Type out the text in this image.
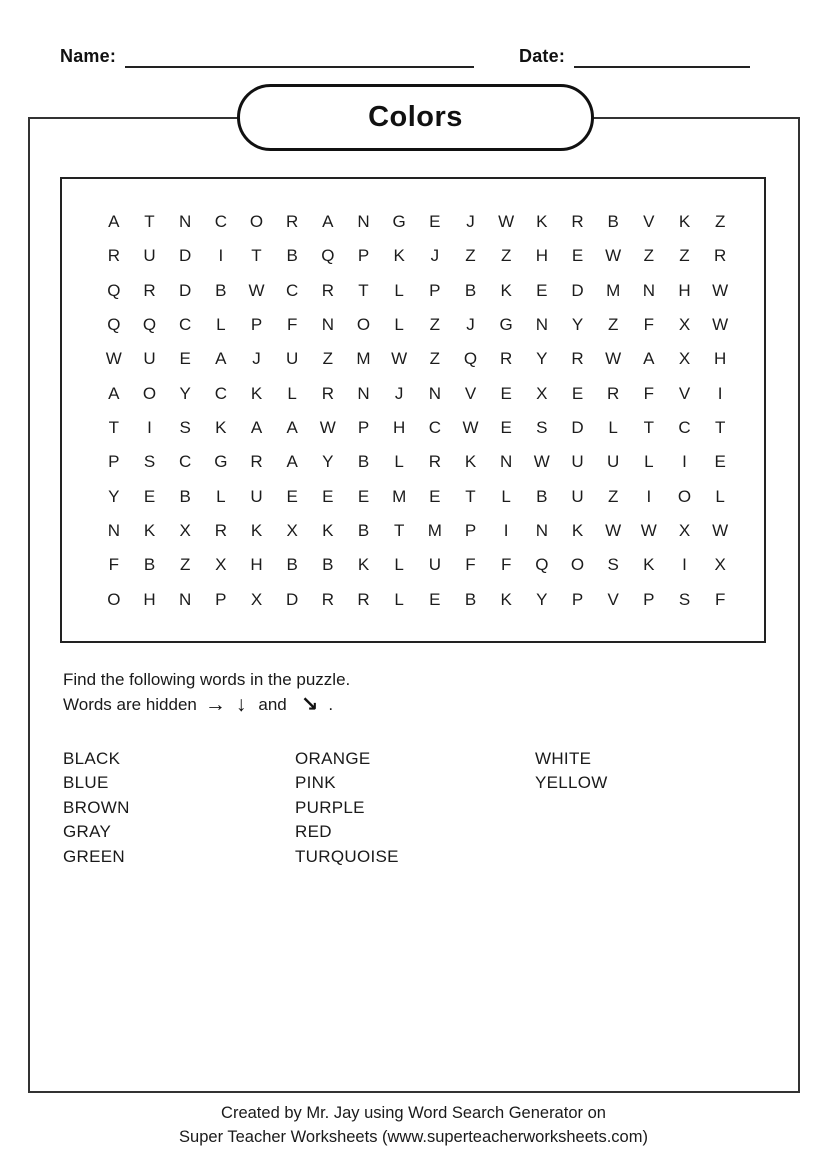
Name:	Date:
Colors
A	T	N	C	O	R	A	N	G	E	J	W	K	R	B	V	K	Z
R	U	D	I	T	B	Q	P	K	J	Z	Z	H	E	W	Z	Z	R
Q	R	D	B	W	C	R	T	L	P	B	K	E	D	M	N	H	W
Q	Q	C	L	P	F	N	O	L	Z	J	G	N	Y	Z	F	X	W
W	U	E	A	J	U	Z	M	W	Z	Q	R	Y	R	W	A	X	H
A	O	Y	C	K	L	R	N	J	N	V	E	X	E	R	F	V	I
T	I	S	K	A	A	W	P	H	C	W	E	S	D	L	T	C	T
P	S	C	G	R	A	Y	B	L	R	K	N	W	U	U	L	I	E
Y	E	B	L	U	E	E	E	M	E	T	L	B	U	Z	I	O	L
N	K	X	R	K	X	K	B	T	M	P	I	N	K	W	W	X	W
F	B	Z	X	H	B	B	K	L	U	F	F	Q	O	S	K	I	X
O	H	N	P	X	D	R	R	L	E	B	K	Y	P	V	P	S	F
Find the following words in the puzzle.
Words are hidden → ↓ and ↘ .
BLACK
BLUE
BROWN
GRAY
GREEN
ORANGE
PINK
PURPLE
RED
TURQUOISE
WHITE
YELLOW
Created by Mr. Jay using Word Search Generator on
Super Teacher Worksheets (www.superteacherworksheets.com)
